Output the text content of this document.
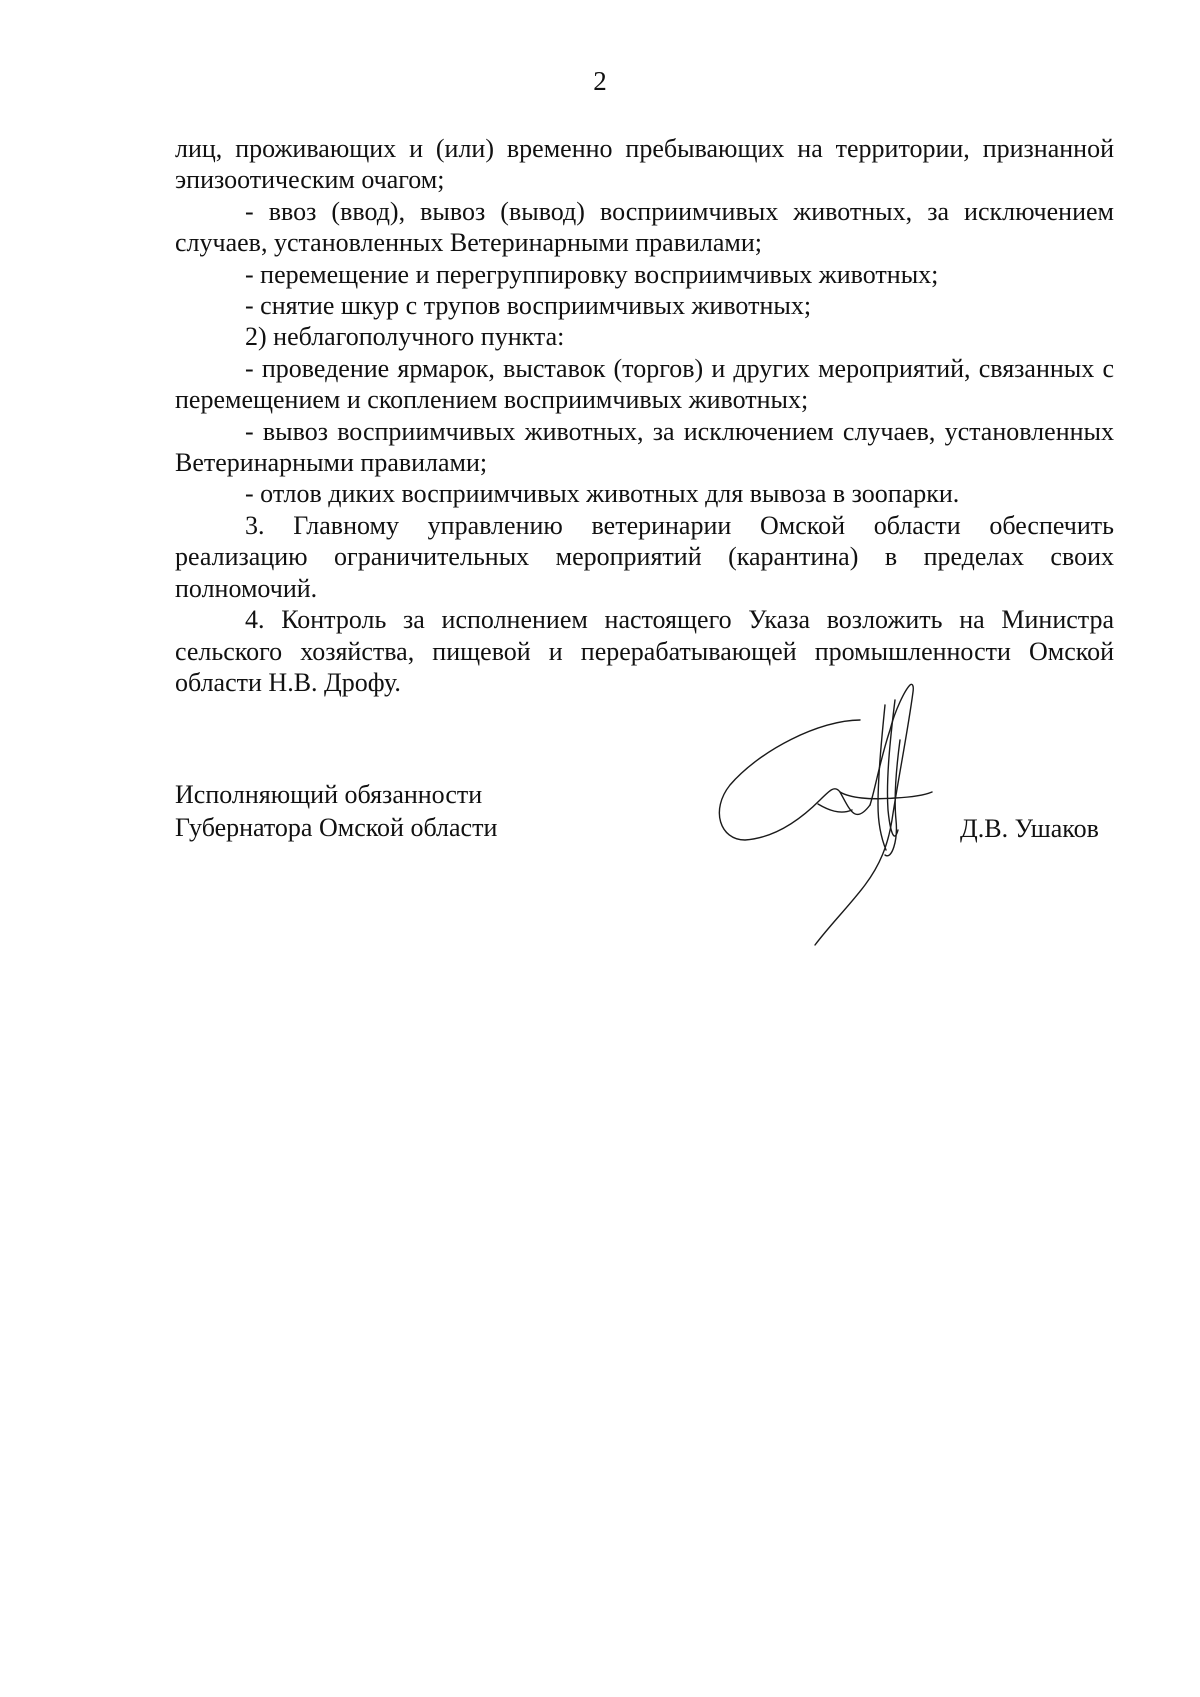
2

лиц, проживающих и (или) временно пребывающих на территории, признанной эпизоотическим очагом;

- ввоз (ввод), вывоз (вывод) восприимчивых животных, за исключением случаев, установленных Ветеринарными правилами;

- перемещение и перегруппировку восприимчивых животных;

- снятие шкур с трупов восприимчивых животных;

2) неблагополучного пункта:

- проведение ярмарок, выставок (торгов) и других мероприятий, связанных с перемещением и скоплением восприимчивых животных;

- вывоз восприимчивых животных, за исключением случаев, установленных Ветеринарными правилами;

- отлов диких восприимчивых животных для вывоза в зоопарки.

3. Главному управлению ветеринарии Омской области обеспечить реализацию ограничительных мероприятий (карантина) в пределах своих полномочий.

4. Контроль за исполнением настоящего Указа возложить на Министра сельского хозяйства, пищевой и перерабатывающей промышленности Омской области Н.В. Дрофу.

Исполняющий обязанности
Губернатора Омской области	Д.В. Ушаков
